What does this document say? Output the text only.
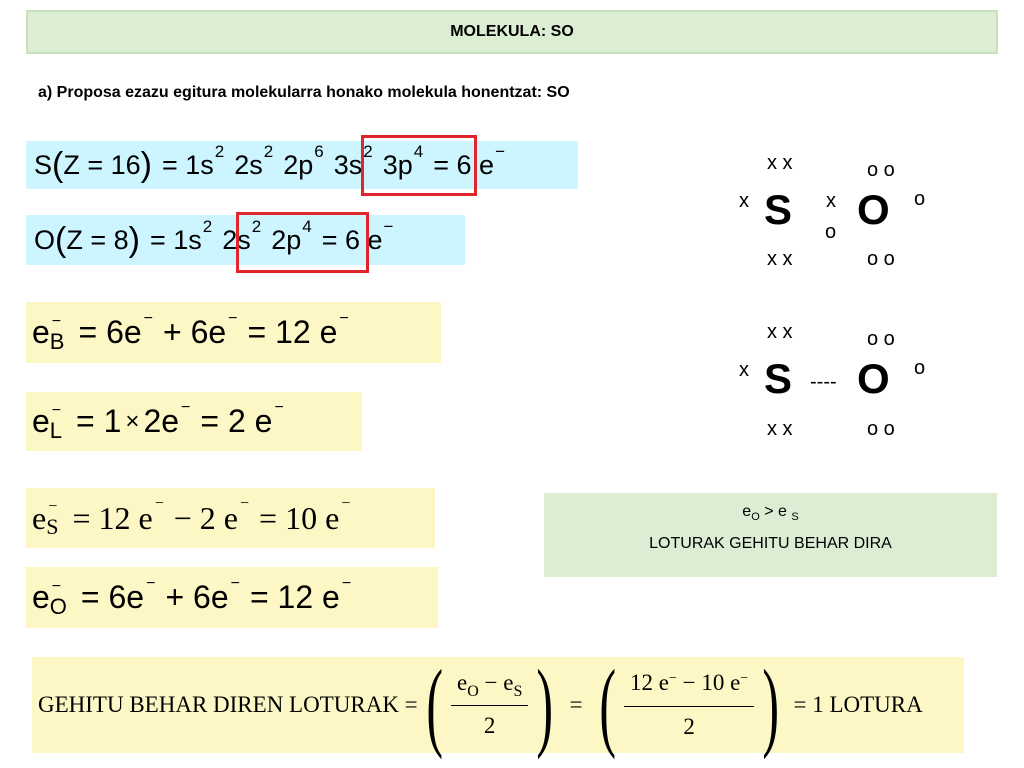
MOLEKULA: SO
a) Proposa ezazu egitura molekularra honako molekula honentzat: SO
S ( Z = 16 ) = 1s 2 2s 2 2p 6 3s 2 3p 4 = 6 e −
O ( Z = 8 ) = 1s 2 2s 2 2p 4 = 6 e −
e −
B = 6e − + 6e − = 12 e −
e −
L = 1 × 2e − = 2 e −
e −
S = 12 e − − 2 e − = 10 e −
e −
O = 6e − + 6e − = 12 e −
x x
x S x
o
x x
o o
O o
o o
x x
x S ----
x x
o o
O o
o o
$e_O > e$ $_S$
LOTURAK GEHITU BEHAR DIRA
GEHITU BEHAR DIREN LOTURAK = ( $\frac{e_O - e_S}{2}$ ) = ( $\frac{12 e^- - 10 e^-}{2}$ ) = 1 LOTURA
